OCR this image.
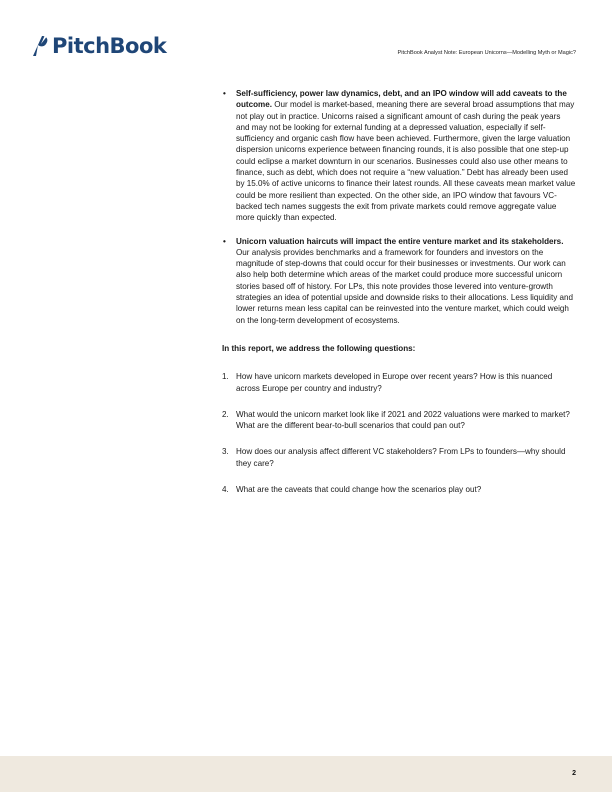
PitchBook	PitchBook Analyst Note: European Unicorns—Modelling Myth or Magic?
• Self-sufficiency, power law dynamics, debt, and an IPO window will add caveats to the outcome. Our model is market-based, meaning there are several broad assumptions that may not play out in practice. Unicorns raised a significant amount of cash during the peak years and may not be looking for external funding at a depressed valuation, especially if self-sufficiency and organic cash flow have been achieved. Furthermore, given the large valuation dispersion unicorns experience between financing rounds, it is also possible that one step-up could eclipse a market downturn in our scenarios. Businesses could also use other means to finance, such as debt, which does not require a “new valuation.” Debt has already been used by 15.0% of active unicorns to finance their latest rounds. All these caveats mean market value could be more resilient than expected. On the other side, an IPO window that favours VC-backed tech names suggests the exit from private markets could remove aggregate value more quickly than expected.
• Unicorn valuation haircuts will impact the entire venture market and its stakeholders. Our analysis provides benchmarks and a framework for founders and investors on the magnitude of step-downs that could occur for their businesses or investments. Our work can also help both determine which areas of the market could produce more successful unicorn stories based off of history. For LPs, this note provides those levered into venture-growth strategies an idea of potential upside and downside risks to their allocations. Less liquidity and lower returns mean less capital can be reinvested into the venture market, which could weigh on the long-term development of ecosystems.
In this report, we address the following questions:
1. How have unicorn markets developed in Europe over recent years? How is this nuanced across Europe per country and industry?
2. What would the unicorn market look like if 2021 and 2022 valuations were marked to market? What are the different bear-to-bull scenarios that could pan out?
3. How does our analysis affect different VC stakeholders? From LPs to founders—why should they care?
4. What are the caveats that could change how the scenarios play out?
2
